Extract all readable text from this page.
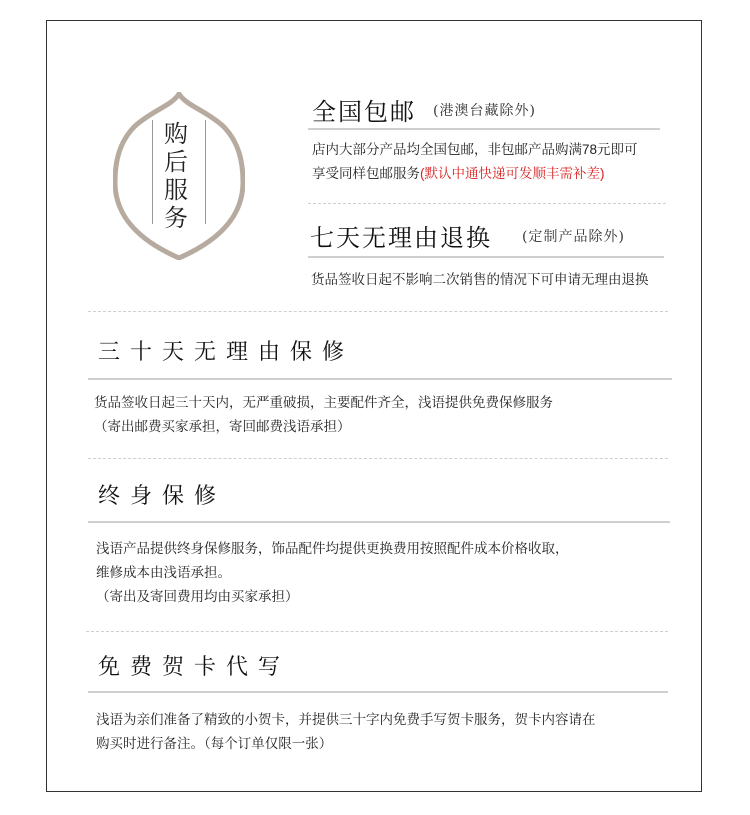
购
后
服
务
全国包邮 (港澳台藏除外)
店内大部分产品均全国包邮，非包邮产品购满78元即可
享受同样包邮服务(默认中通快递可发顺丰需补差)
七天无理由退换 (定制产品除外)
货品签收日起不影响二次销售的情况下可申请无理由退换
三十天无理由保修
货品签收日起三十天内，无严重破损，主要配件齐全，浅语提供免费保修服务
（寄出邮费买家承担，寄回邮费浅语承担）
终身保修
浅语产品提供终身保修服务，饰品配件均提供更换费用按照配件成本价格收取，
维修成本由浅语承担。
（寄出及寄回费用均由买家承担）
免费贺卡代写
浅语为亲们准备了精致的小贺卡，并提供三十字内免费手写贺卡服务，贺卡内容请在
购买时进行备注。（每个订单仅限一张）
